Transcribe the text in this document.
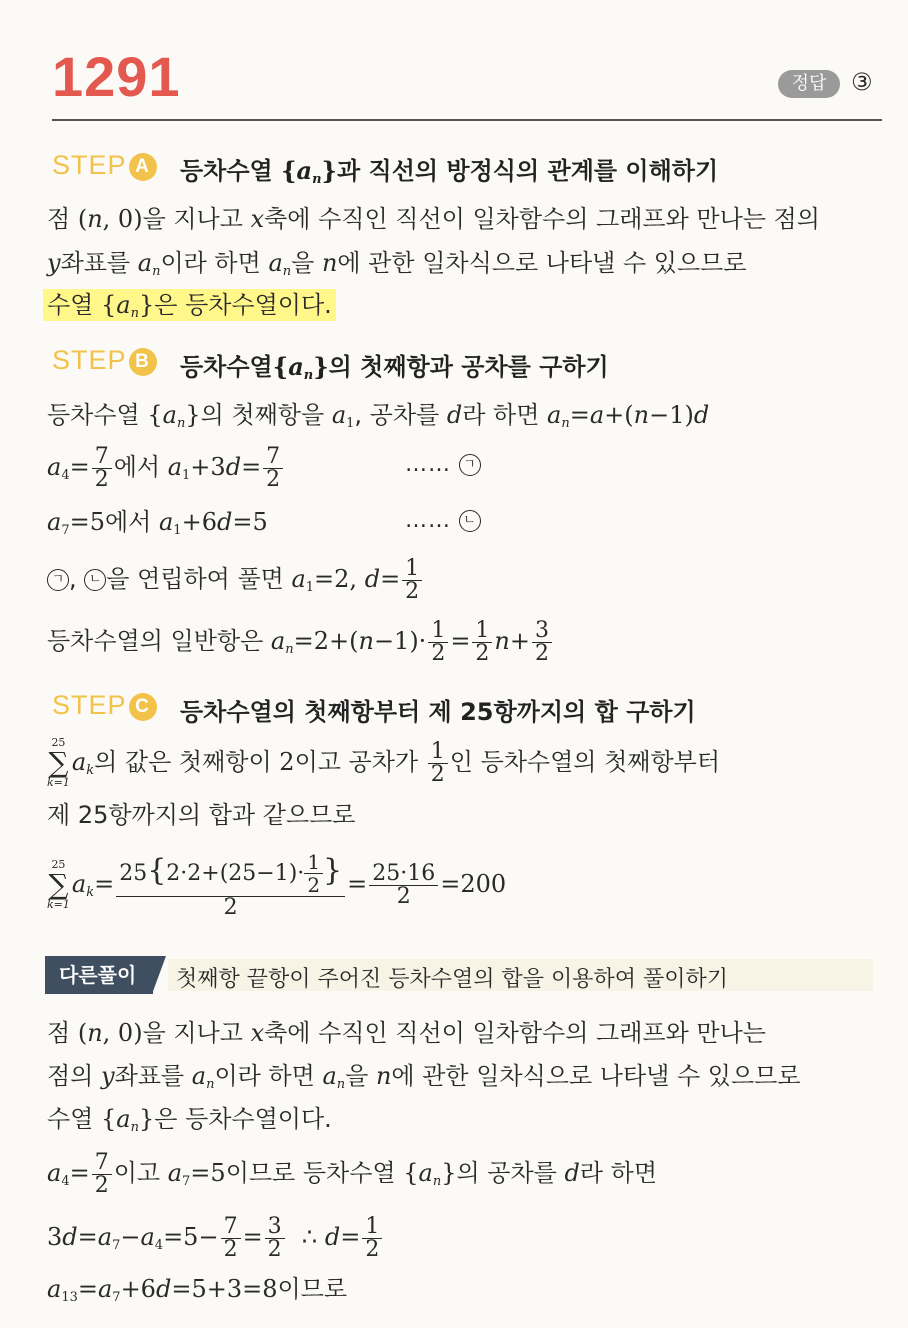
1291	정답	③
STEP A 등차수열 $\{a_n\}$과 직선의 방정식의 관계를 이해하기
점 (n, 0)을 지나고 x축에 수직인 직선이 일차함수의 그래프와 만나는 점의
y좌표를 $a_n$이라 하면 $a_n$을 n에 관한 일차식으로 나타낼 수 있으므로
수열 $\{a_n\}$은 등차수열이다.
STEP B 등차수열$\{a_n\}$의 첫째항과 공차를 구하기
등차수열 $\{a_n\}$의 첫째항을 $a_1$, 공차를 d라 하면 $a_n=a+(n-1)d$
$a_4= \frac{7}{2}$ 에서 $a_1+3d= \frac{7}{2}$	…… ㄱ
$a_7=5$에서 $a_1+6d=5$	…… ㄴ
ㄱ , ㄴ 을 연립하여 풀면 $a_1=2$, $d= \frac{1}{2}$
등차수열의 일반항은 $a_n=2+(n-1)\cdot \frac{1}{2} = \frac{1}{2} n+ \frac{3}{2}$
STEP C 등차수열의 첫째항부터 제 25항까지의 합 구하기
25
∑
k=1
$a_k$의 값은 첫째항이 2이고 공차가 $\frac{1}{2}$ 인 등차수열의 첫째항부터
제 25항까지의 합과 같으므로
25
∑
k=1
$a_k= \frac{25\{2\cdot 2+(25-1)\cdot \frac{1}{2} \}}{2} = \frac{25\cdot 16}{2} =200$
다른풀이	첫째항 끝항이 주어진 등차수열의 합을 이용하여 풀이하기
점 (n, 0)을 지나고 x축에 수직인 직선이 일차함수의 그래프와 만나는
점의 y좌표를 $a_n$이라 하면 $a_n$을 n에 관한 일차식으로 나타낼 수 있으므로
수열 $\{a_n\}$은 등차수열이다.
$a_4= \frac{7}{2}$ 이고 $a_7=5$이므로 등차수열 $\{a_n\}$의 공차를 d라 하면
$3d=a_7-a_4=5- \frac{7}{2} = \frac{3}{2}$ ∴ $d= \frac{1}{2}$
$a_{13}=a_7+6d=5+3=8$이므로
